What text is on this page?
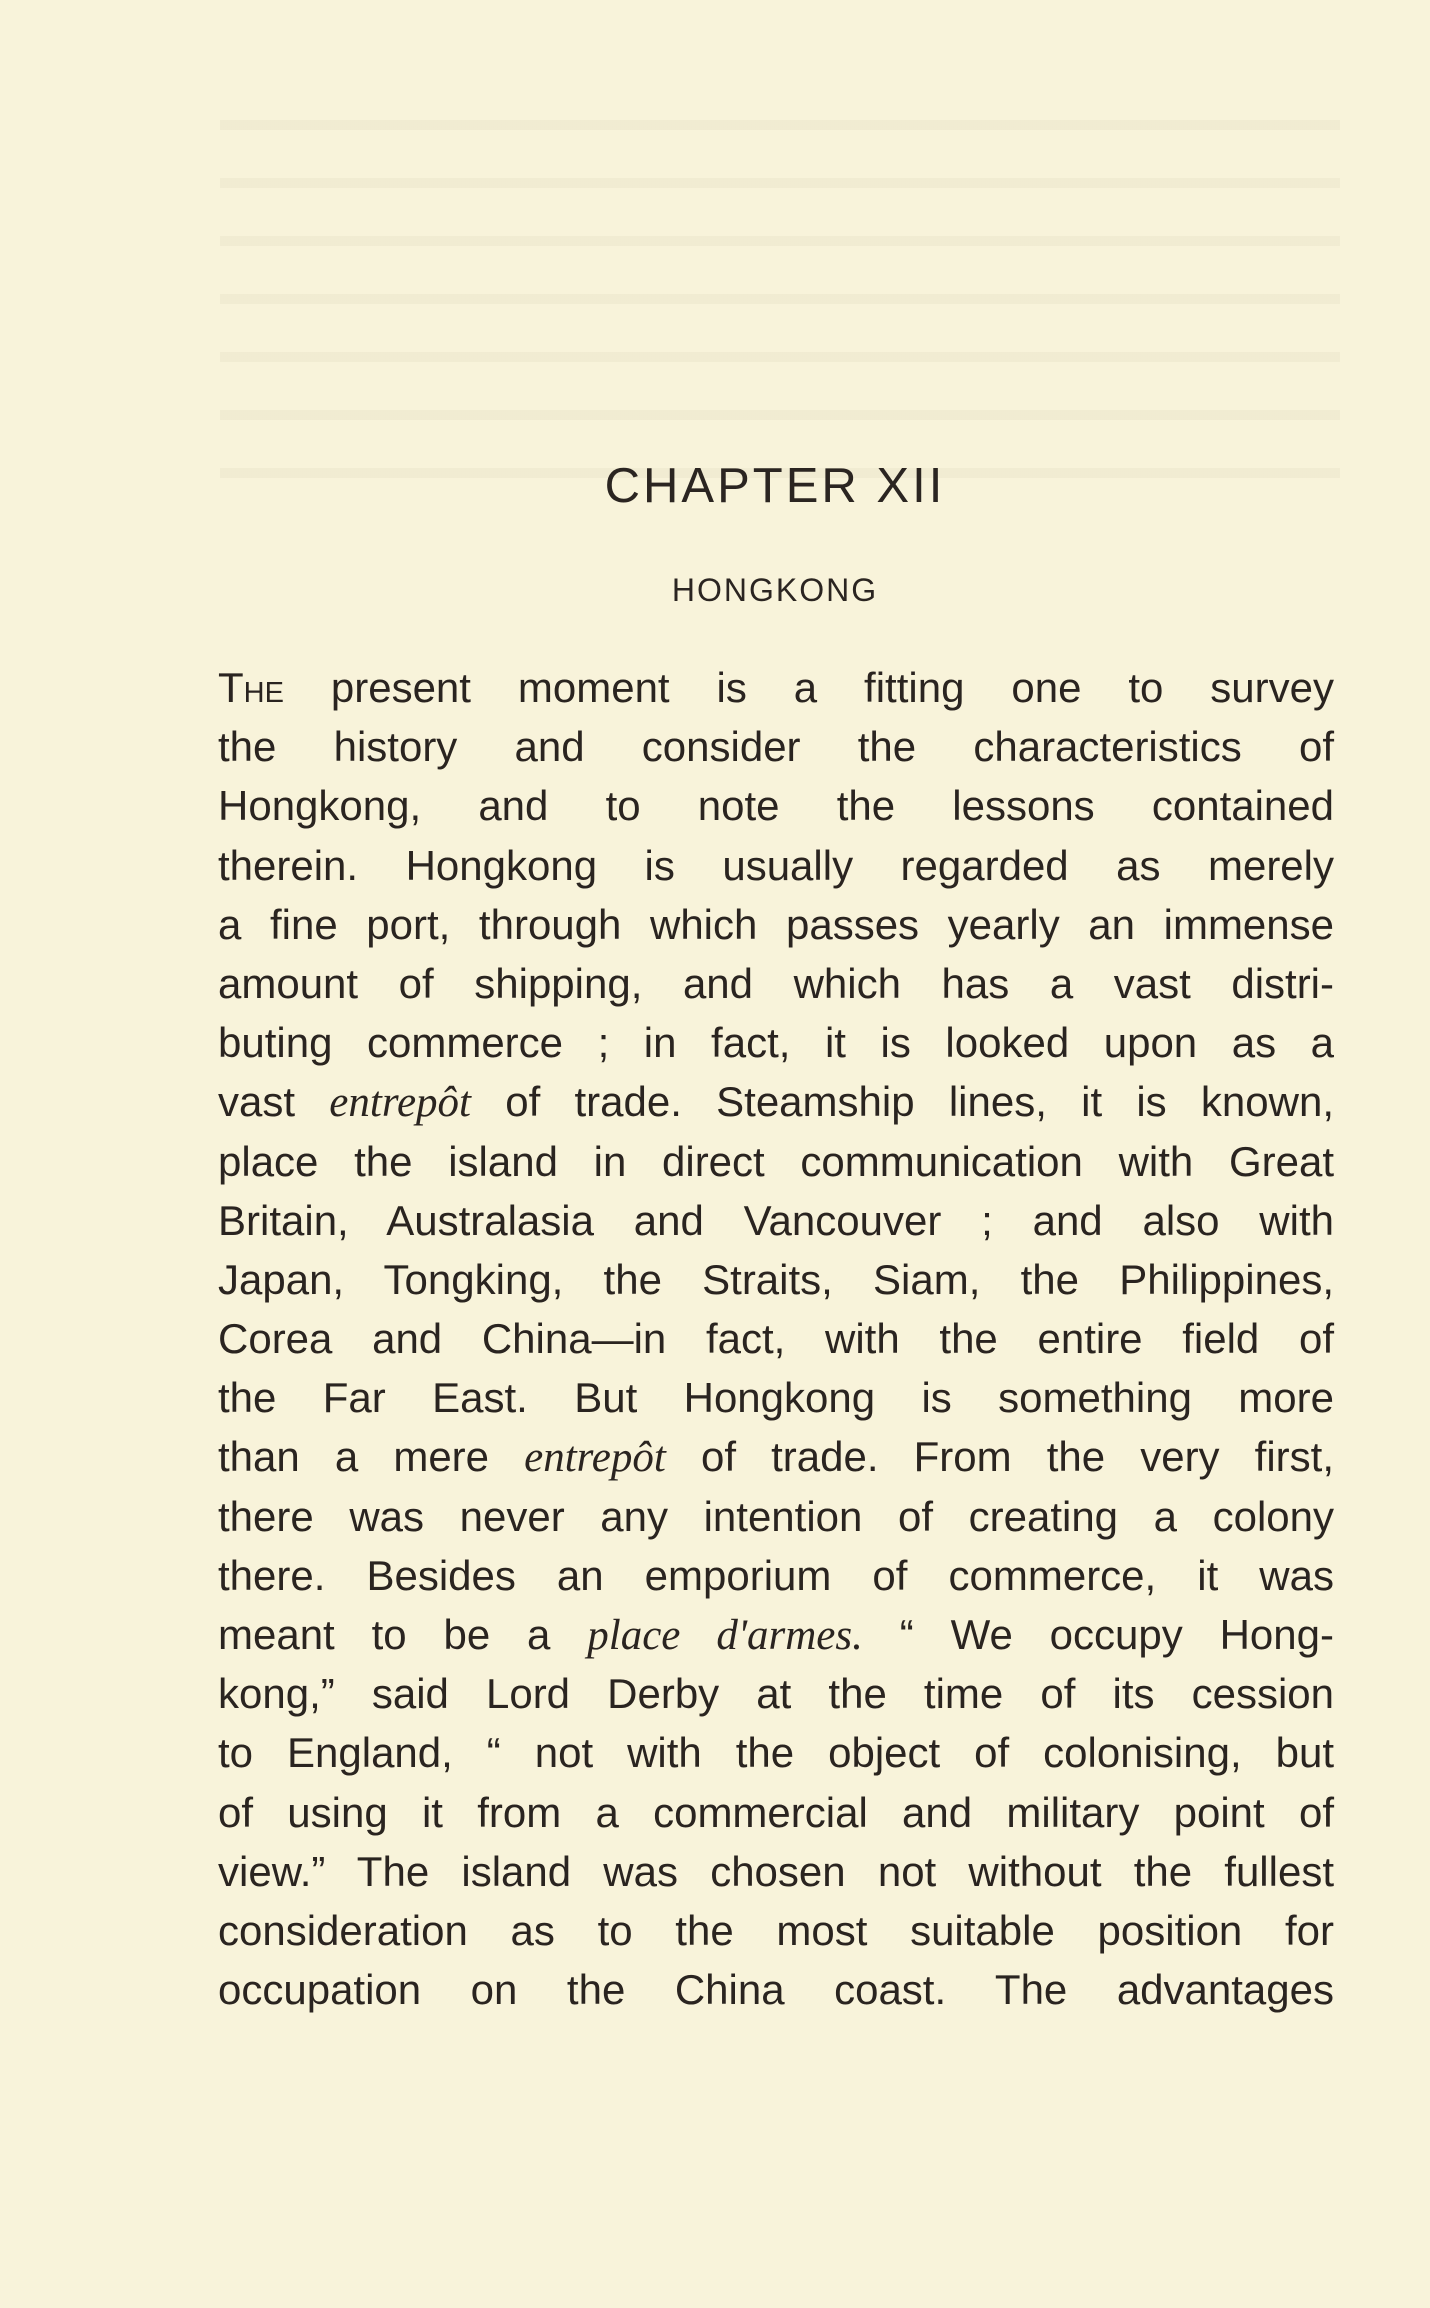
CHAPTER XII
HONGKONG
The present moment is a fitting one to survey
the history and consider the characteristics of
Hongkong, and to note the lessons contained
therein. Hongkong is usually regarded as merely
a fine port, through which passes yearly an immense
amount of shipping, and which has a vast distri-
buting commerce ; in fact, it is looked upon as a
vast entrepôt of trade. Steamship lines, it is known,
place the island in direct communication with Great
Britain, Australasia and Vancouver ; and also with
Japan, Tongking, the Straits, Siam, the Philippines,
Corea and China—in fact, with the entire field of
the Far East. But Hongkong is something more
than a mere entrepôt of trade. From the very first,
there was never any intention of creating a colony
there. Besides an emporium of commerce, it was
meant to be a place d'armes. “ We occupy Hong-
kong,” said Lord Derby at the time of its cession
to England, “ not with the object of colonising, but
of using it from a commercial and military point of
view.” The island was chosen not without the fullest
consideration as to the most suitable position for
occupation on the China coast. The advantages
